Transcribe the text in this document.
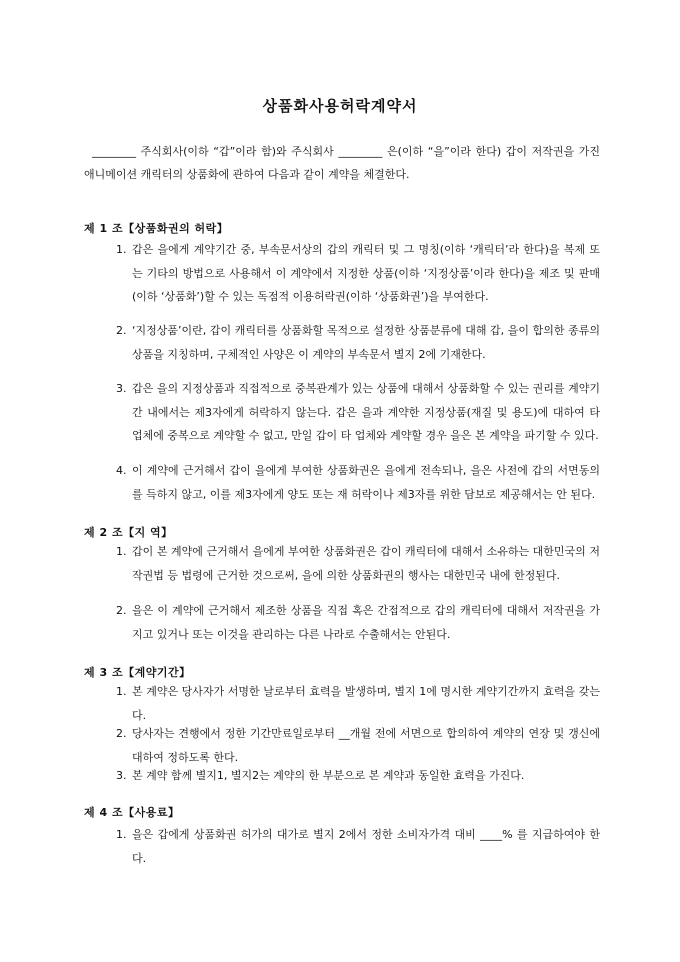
상품화사용허락계약서
________ 주식회사(이하 “갑”이라 함)와 주식회사 ________ 은(이하 “을”이라 한다) 갑이 저작권을 가진 애니메이션 캐릭터의 상품화에 관하여 다음과 같이 계약을 체결한다.
제 1 조【상품화권의 허락】
1. 갑은 을에게 계약기간 중, 부속문서상의 갑의 캐릭터 및 그 명칭(이하 ‘캐릭터’라 한다)을 복제 또는 기타의 방법으로 사용해서 이 계약에서 지정한 상품(이하 ‘지정상품’이라 한다)을 제조 및 판매(이하 ‘상품화’)할 수 있는 독점적 이용허락권(이하 ‘상품화권’)을 부여한다.
2. ‘지정상품’이란, 갑이 캐릭터를 상품화할 목적으로 설정한 상품분류에 대해 갑, 을이 합의한 종류의 상품을 지칭하며, 구체적인 사양은 이 계약의 부속문서 별지 2에 기재한다.
3. 갑은 을의 지정상품과 직접적으로 중복관계가 있는 상품에 대해서 상품화할 수 있는 권리를 계약기간 내에서는 제3자에게 허락하지 않는다. 갑은 을과 계약한 지정상품(재질 및 용도)에 대하여 타 업체에 중복으로 계약할 수 없고, 만일 갑이 타 업체와 계약할 경우 을은 본 계약을 파기할 수 있다.
4. 이 계약에 근거해서 갑이 을에게 부여한 상품화권은 을에게 전속되나, 을은 사전에 갑의 서면동의를 득하지 않고, 이를 제3자에게 양도 또는 재 허락이나 제3자를 위한 담보로 제공해서는 안 된다.
제 2 조【지 역】
1. 갑이 본 계약에 근거해서 을에게 부여한 상품화권은 갑이 캐릭터에 대해서 소유하는 대한민국의 저작권법 등 법령에 근거한 것으로써, 을에 의한 상품화권의 행사는 대한민국 내에 한정된다.
2. 을은 이 계약에 근거해서 제조한 상품을 직접 혹은 간접적으로 갑의 캐릭터에 대해서 저작권을 가지고 있거나 또는 이것을 관리하는 다른 나라로 수출해서는 안된다.
제 3 조【계약기간】
1. 본 계약은 당사자가 서명한 날로부터 효력을 발생하며, 별지 1에 명시한 계약기간까지 효력을 갖는다.
2. 당사자는 견행에서 정한 기간만료일로부터 __개월 전에 서면으로 합의하여 계약의 연장 및 갱신에 대하여 정하도록 한다.
3. 본 계약 함께 별지1, 별지2는 계약의 한 부분으로 본 계약과 동일한 효력을 가진다.
제 4 조【사용료】
1. 을은 갑에게 상품화권 허가의 대가로 별지 2에서 정한 소비자가격 대비 ____% 를 지급하여야 한다.
